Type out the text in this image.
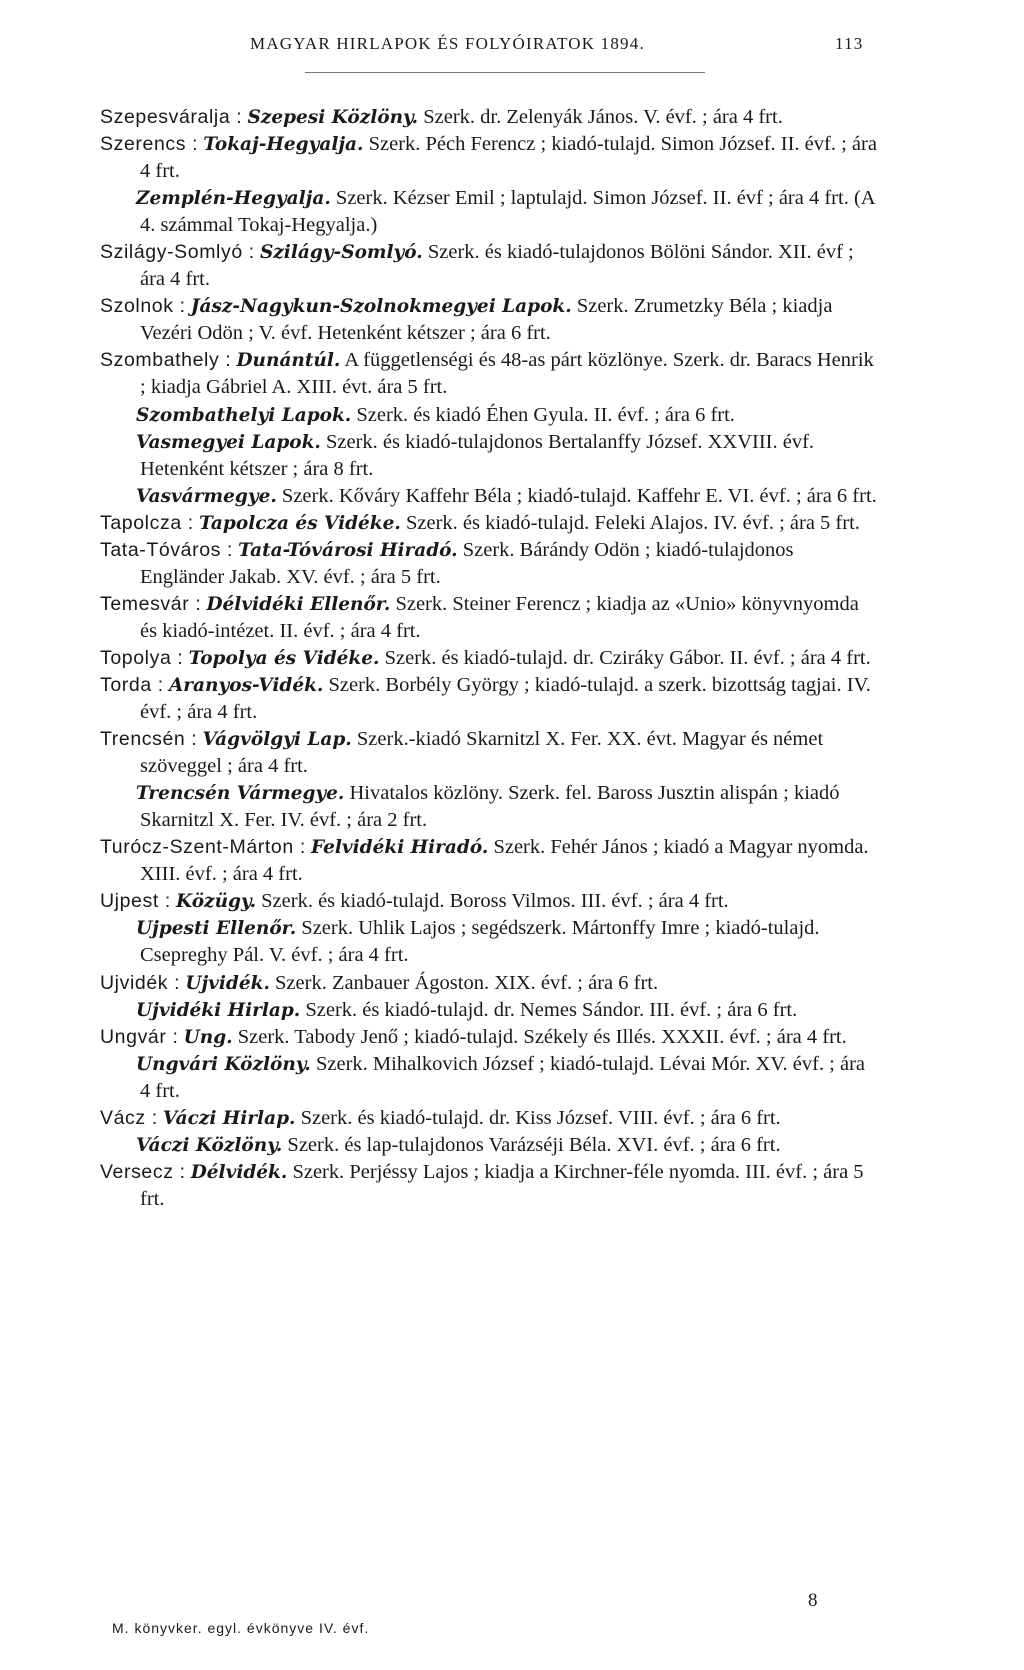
MAGYAR HIRLAPOK ÉS FOLYÓIRATOK 1894.	113
Szepesváralja : Szepesi Közlöny. Szerk. dr. Zelenyák János. V. évf. ; ára 4 frt.
Szerencs : Tokaj-Hegyalja. Szerk. Péch Ferencz ; kiadó-tulajd. Simon József. II. évf. ; ára 4 frt.
Zemplén-Hegyalja. Szerk. Kézser Emil ; laptulajd. Simon József. II. évf ; ára 4 frt. (A 4. számmal Tokaj-Hegyalja.)
Szilágy-Somlyó : Szilágy-Somlyó. Szerk. és kiadó-tulajdonos Bölöni Sándor. XII. évf ; ára 4 frt.
Szolnok : Jász-Nagykun-Szolnokmegyei Lapok. Szerk. Zrumetzky Béla ; kiadja Vezéri Odön ; V. évf. Hetenként kétszer ; ára 6 frt.
Szombathely : Dunántúl. A függetlenségi és 48-as párt közlönye. Szerk. dr. Baracs Henrik ; kiadja Gábriel A. XIII. évt. ára 5 frt.
Szombathelyi Lapok. Szerk. és kiadó Éhen Gyula. II. évf. ; ára 6 frt.
Vasmegyei Lapok. Szerk. és kiadó-tulajdonos Bertalanffy József. XXVIII. évf. Hetenként kétszer ; ára 8 frt.
Vasvármegye. Szerk. Kőváry Kaffehr Béla ; kiadó-tulajd. Kaffehr E. VI. évf. ; ára 6 frt.
Tapolcza : Tapolcza és Vidéke. Szerk. és kiadó-tulajd. Feleki Alajos. IV. évf. ; ára 5 frt.
Tata-Tóváros : Tata-Tóvárosi Hiradó. Szerk. Bárándy Odön ; kiadó-tulajdonos Engländer Jakab. XV. évf. ; ára 5 frt.
Temesvár : Délvidéki Ellenőr. Szerk. Steiner Ferencz ; kiadja az «Unio» könyvnyomda és kiadó-intézet. II. évf. ; ára 4 frt.
Topolya : Topolya és Vidéke. Szerk. és kiadó-tulajd. dr. Cziráky Gábor. II. évf. ; ára 4 frt.
Torda : Aranyos-Vidék. Szerk. Borbély György ; kiadó-tulajd. a szerk. bizottság tagjai. IV. évf. ; ára 4 frt.
Trencsén : Vágvölgyi Lap. Szerk.-kiadó Skarnitzl X. Fer. XX. évt. Magyar és német szöveggel ; ára 4 frt.
Trencsén Vármegye. Hivatalos közlöny. Szerk. fel. Baross Jusztin alispán ; kiadó Skarnitzl X. Fer. IV. évf. ; ára 2 frt.
Turócz-Szent-Márton : Felvidéki Hiradó. Szerk. Fehér János ; kiadó a Magyar nyomda. XIII. évf. ; ára 4 frt.
Ujpest : Közügy. Szerk. és kiadó-tulajd. Boross Vilmos. III. évf. ; ára 4 frt.
Ujpesti Ellenőr. Szerk. Uhlik Lajos ; segédszerk. Mártonffy Imre ; kiadó-tulajd. Csepreghy Pál. V. évf. ; ára 4 frt.
Ujvidék : Ujvidék. Szerk. Zanbauer Ágoston. XIX. évf. ; ára 6 frt.
Ujvidéki Hirlap. Szerk. és kiadó-tulajd. dr. Nemes Sándor. III. évf. ; ára 6 frt.
Ungvár : Ung. Szerk. Tabody Jenő ; kiadó-tulajd. Székely és Illés. XXXII. évf. ; ára 4 frt.
Ungvári Közlöny. Szerk. Mihalkovich József ; kiadó-tulajd. Lévai Mór. XV. évf. ; ára 4 frt.
Vácz : Váczi Hirlap. Szerk. és kiadó-tulajd. dr. Kiss József. VIII. évf. ; ára 6 frt.
Váczi Közlöny. Szerk. és lap-tulajdonos Varázséji Béla. XVI. évf. ; ára 6 frt.
Versecz : Délvidék. Szerk. Perjéssy Lajos ; kiadja a Kirchner-féle nyomda. III. évf. ; ára 5 frt.
M. könyvker. egyl. évkönyve IV. évf.
8
